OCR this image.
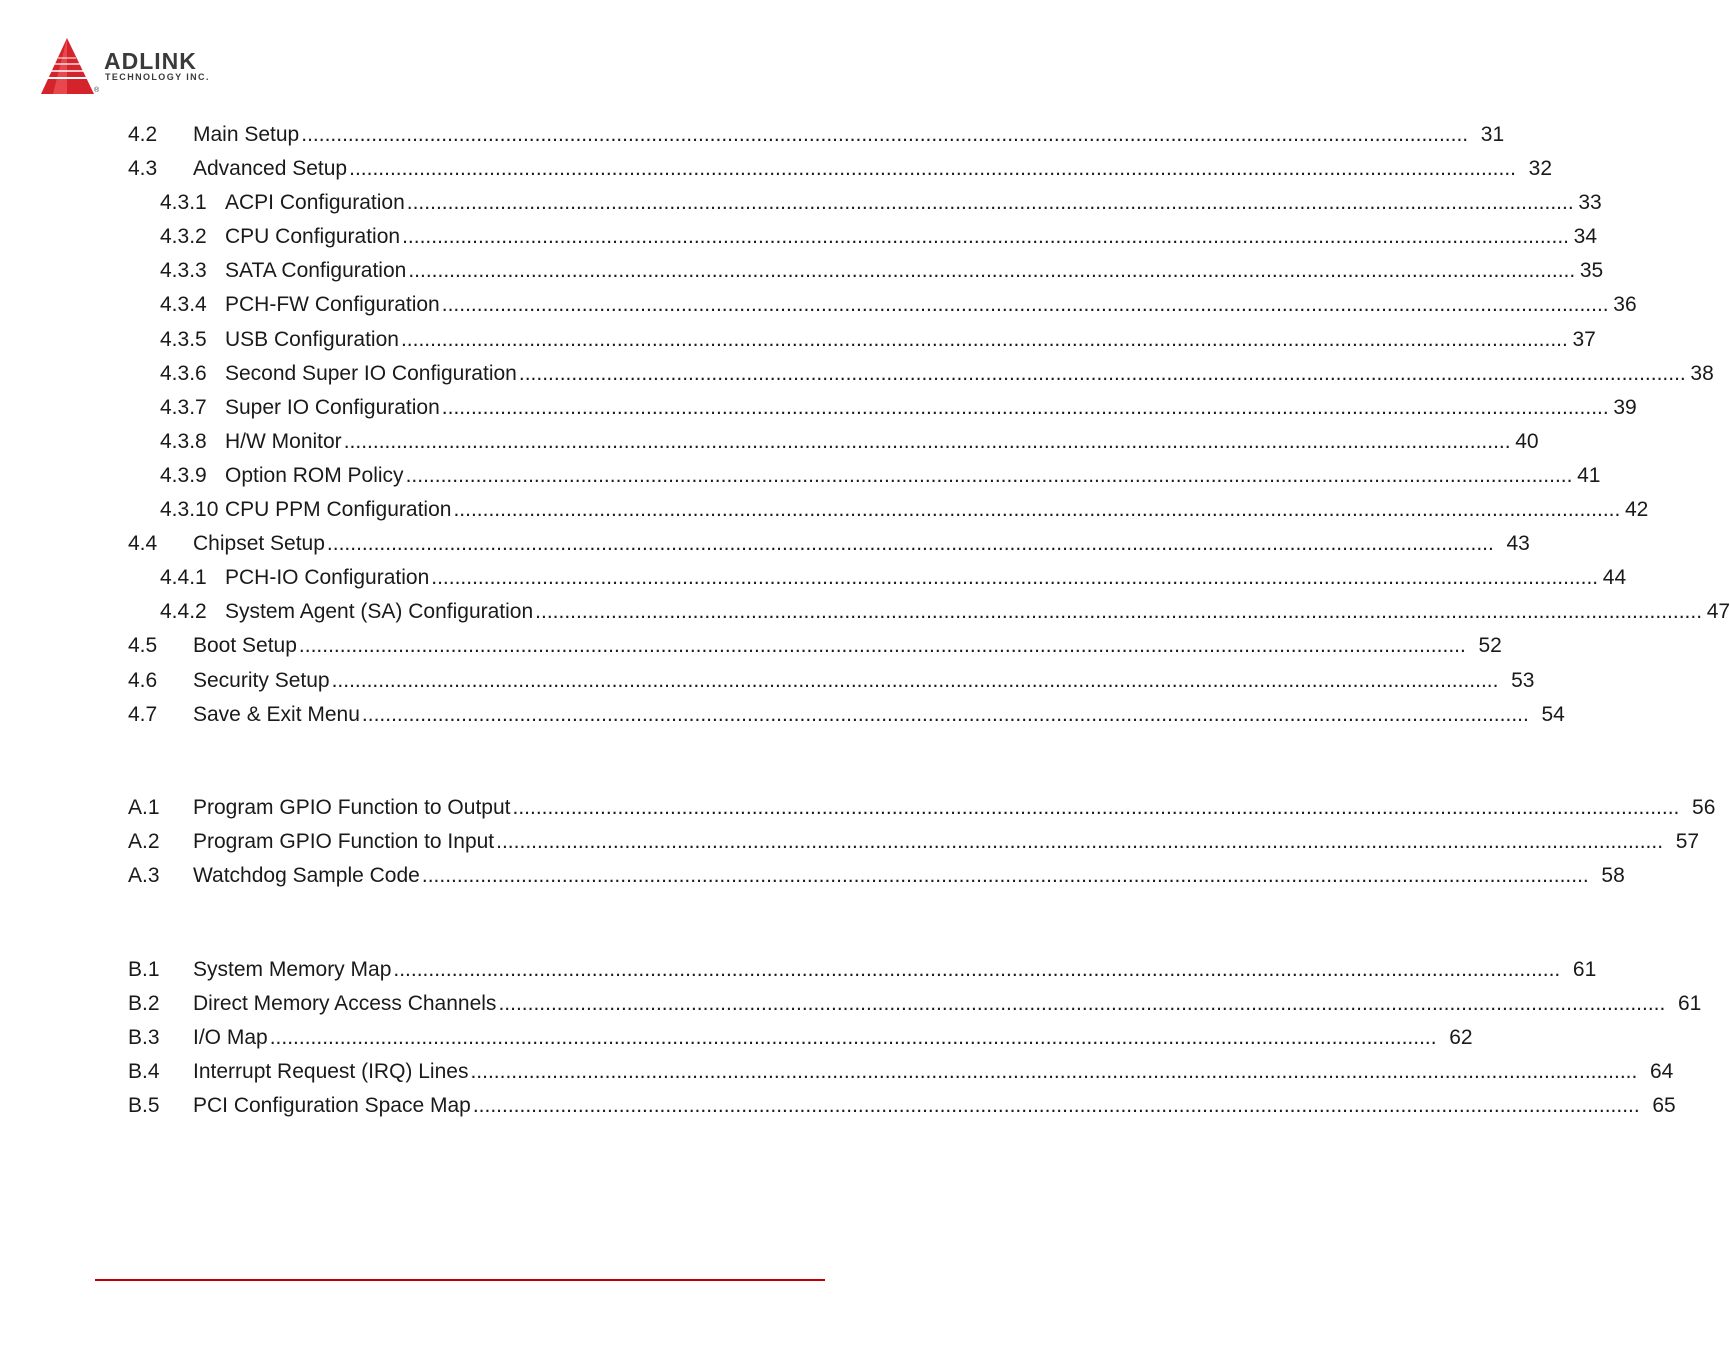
ADLINK
TECHNOLOGY INC.
®
4.2 Main Setup ........................................................................................................................................................................................................ 31
4.3 Advanced Setup ........................................................................................................................................................................................................ 32
4.3.1 ACPI Configuration ........................................................................................................................................................................................................ 33
4.3.2 CPU Configuration ........................................................................................................................................................................................................ 34
4.3.3 SATA Configuration ........................................................................................................................................................................................................ 35
4.3.4 PCH-FW Configuration ........................................................................................................................................................................................................ 36
4.3.5 USB Configuration ........................................................................................................................................................................................................ 37
4.3.6 Second Super IO Configuration ........................................................................................................................................................................................................ 38
4.3.7 Super IO Configuration ........................................................................................................................................................................................................ 39
4.3.8 H/W Monitor ........................................................................................................................................................................................................ 40
4.3.9 Option ROM Policy ........................................................................................................................................................................................................ 41
4.3.10 CPU PPM Configuration ........................................................................................................................................................................................................ 42
4.4 Chipset Setup ........................................................................................................................................................................................................ 43
4.4.1 PCH-IO Configuration ........................................................................................................................................................................................................ 44
4.4.2 System Agent (SA) Configuration ........................................................................................................................................................................................................ 47
4.5 Boot Setup ........................................................................................................................................................................................................ 52
4.6 Security Setup ........................................................................................................................................................................................................ 53
4.7 Save & Exit Menu ........................................................................................................................................................................................................ 54
A.1 Program GPIO Function to Output ........................................................................................................................................................................................................ 56
A.2 Program GPIO Function to Input ........................................................................................................................................................................................................ 57
A.3 Watchdog Sample Code ........................................................................................................................................................................................................ 58
B.1 System Memory Map ........................................................................................................................................................................................................ 61
B.2 Direct Memory Access Channels ........................................................................................................................................................................................................ 61
B.3 I/O Map ........................................................................................................................................................................................................ 62
B.4 Interrupt Request (IRQ) Lines ........................................................................................................................................................................................................ 64
B.5 PCI Configuration Space Map ........................................................................................................................................................................................................ 65
